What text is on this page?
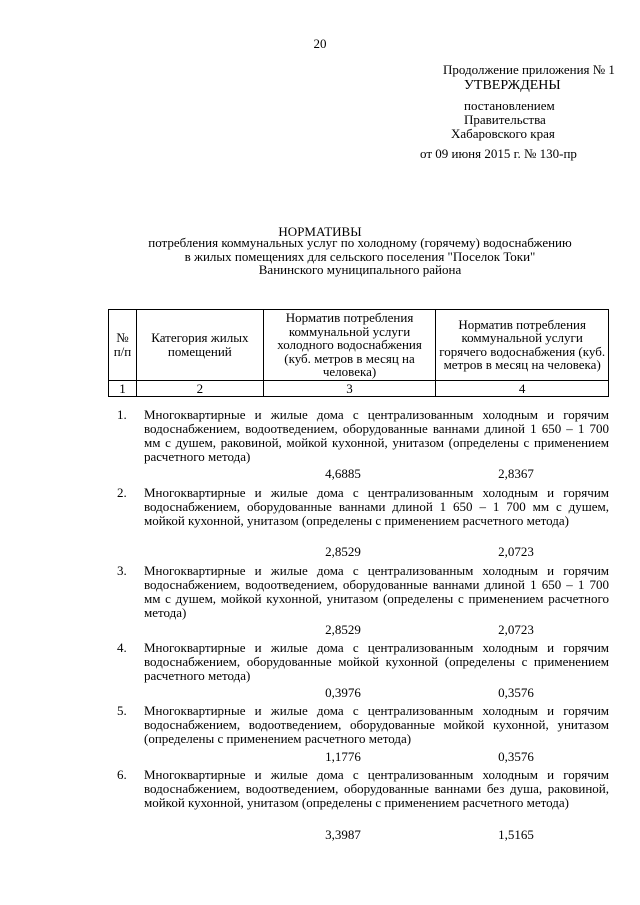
20
Продолжение приложения № 1
УТВЕРЖДЕНЫ
постановлением
Правительства
Хабаровского края
от 09 июня 2015 г. № 130-пр
НОРМАТИВЫ
потребления коммунальных услуг по холодному (горячему) водоснабжению
в жилых помещениях для сельского поселения "Поселок Токи"
Ванинского муниципального района
№ п/п	Категория жилых помещений	Норматив потребления коммунальной услуги холодного водоснабжения (куб. метров в месяц на человека)	Норматив потребления коммунальной услуги горячего водоснабжения (куб. метров в месяц на человека)
1	2	3	4
1. Многоквартирные и жилые дома с централизованным холодным и горячим водоснабжением, водоотведением, оборудованные ваннами длиной 1 650 – 1 700 мм с душем, раковиной, мойкой кухонной, унитазом (определены с применением расчетного метода)
4,6885	2,8367
2. Многоквартирные и жилые дома с централизованным холодным и горячим водоснабжением, оборудованные ваннами длиной 1 650 – 1 700 мм с душем, мойкой кухонной, унитазом (определены с применением расчетного метода)
2,8529	2,0723
3. Многоквартирные и жилые дома с централизованным холодным и горячим водоснабжением, водоотведением, оборудованные ваннами длиной 1 650 – 1 700 мм с душем, мойкой кухонной, унитазом (определены с применением расчетного метода)
2,8529	2,0723
4. Многоквартирные и жилые дома с централизованным холодным и горячим водоснабжением, оборудованные мойкой кухонной (определены с применением расчетного метода)
0,3976	0,3576
5. Многоквартирные и жилые дома с централизованным холодным и горячим водоснабжением, водоотведением, оборудованные мойкой кухонной, унитазом (определены с применением расчетного метода)
1,1776	0,3576
6. Многоквартирные и жилые дома с централизованным холодным и горячим водоснабжением, водоотведением, оборудованные ваннами без душа, раковиной, мойкой кухонной, унитазом (определены с применением расчетного метода)
3,3987	1,5165
